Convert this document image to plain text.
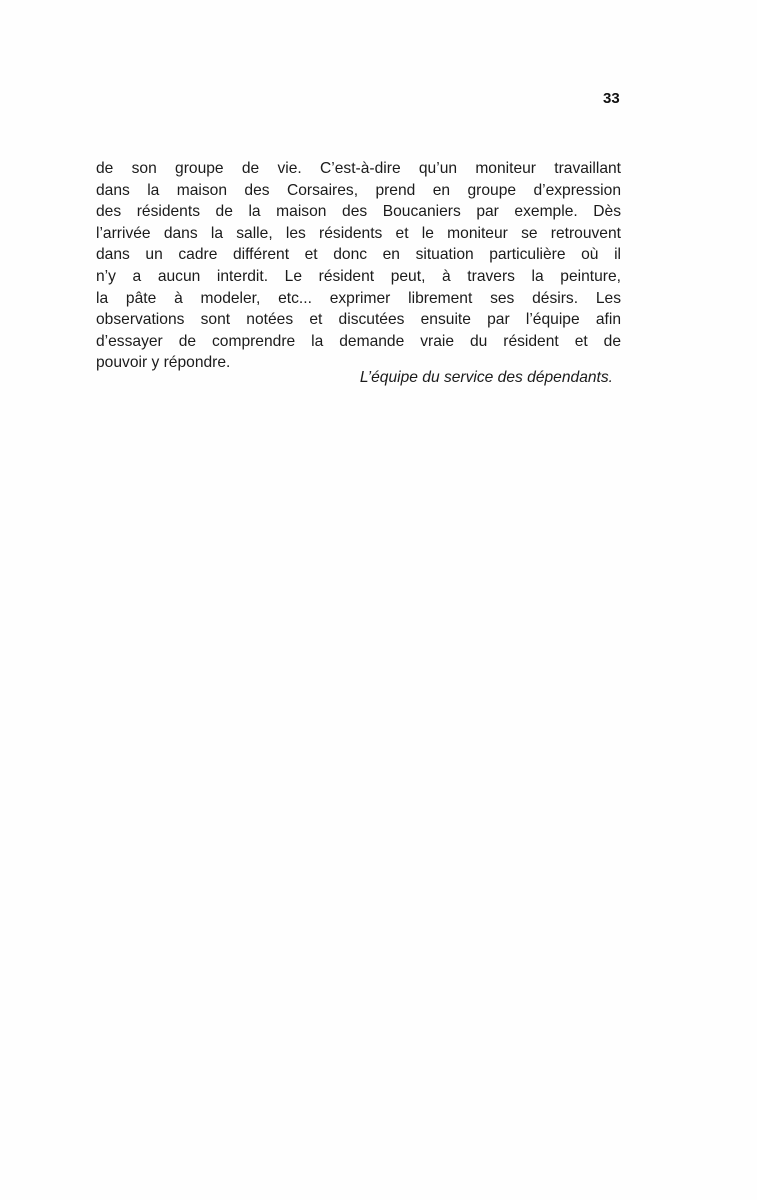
33
de son groupe de vie. C’est-à-dire qu’un moniteur travaillant
dans la maison des Corsaires, prend en groupe d’expression
des résidents de la maison des Boucaniers par exemple. Dès
l’arrivée dans la salle, les résidents et le moniteur se retrouvent
dans un cadre différent et donc en situation particulière où il
n’y a aucun interdit. Le résident peut, à travers la peinture,
la pâte à modeler, etc... exprimer librement ses désirs. Les
observations sont notées et discutées ensuite par l’équipe afin
d’essayer de comprendre la demande vraie du résident et de
pouvoir y répondre.
L’équipe du service des dépendants.
